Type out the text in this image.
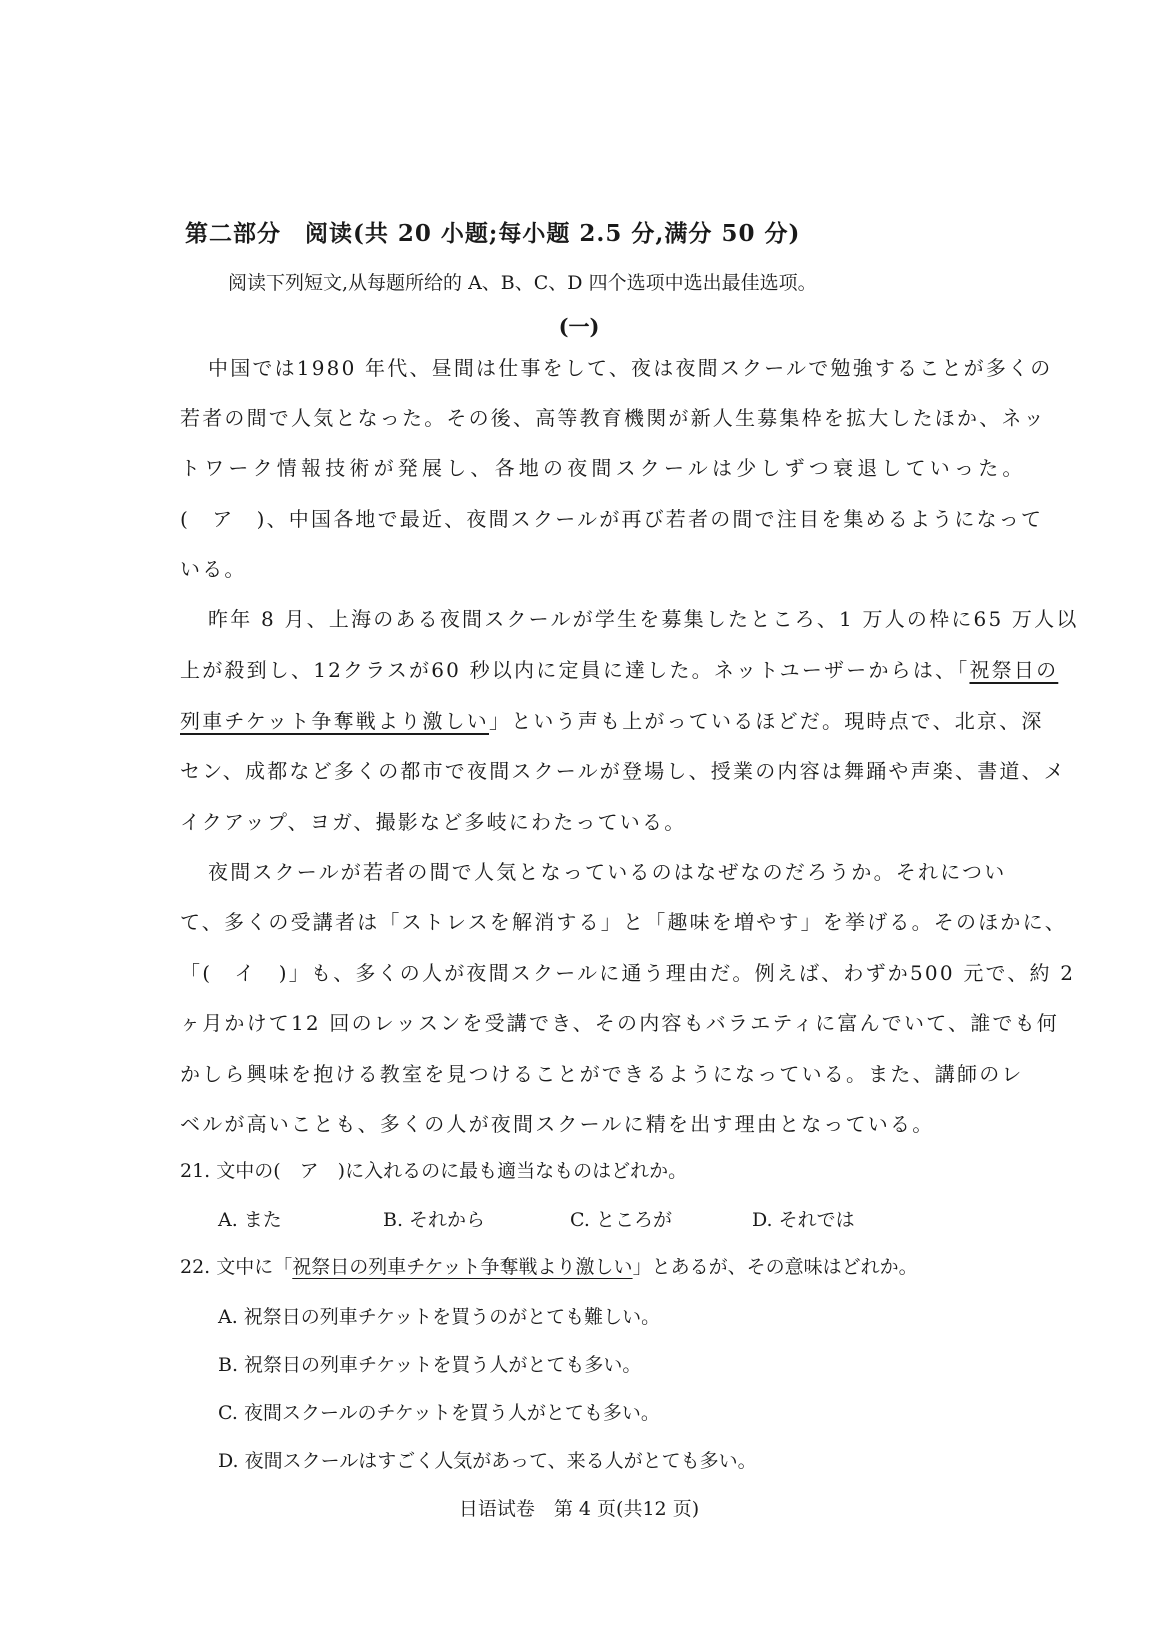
第二部分　阅读(共 20 小题;每小题 2.5 分,满分 50 分)
阅读下列短文,从每题所给的 A、B、C、D 四个选项中选出最佳选项。
(一)
中国では1980 年代、昼間は仕事をして、夜は夜間スクールで勉強することが多くの
若者の間で人気となった。その後、高等教育機関が新人生募集枠を拡大したほか、ネッ
トワーク情報技術が発展し、各地の夜間スクールは少しずつ衰退していった。
(　ア　)、中国各地で最近、夜間スクールが再び若者の間で注目を集めるようになって
いる。
昨年 8 月、上海のある夜間スクールが学生を募集したところ、1 万人の枠に65 万人以
上が殺到し、12クラスが60 秒以内に定員に達した。ネットユーザーからは、「祝祭日の
列車チケット争奪戦より激しい」という声も上がっているほどだ。現時点で、北京、深
セン、成都など多くの都市で夜間スクールが登場し、授業の内容は舞踊や声楽、書道、メ
イクアップ、ヨガ、撮影など多岐にわたっている。
夜間スクールが若者の間で人気となっているのはなぜなのだろうか。それについ
て、多くの受講者は「ストレスを解消する」と「趣味を増やす」を挙げる。そのほかに、
「(　イ　)」も、多くの人が夜間スクールに通う理由だ。例えば、わずか500 元で、約 2
ヶ月かけて12 回のレッスンを受講でき、その内容もバラエティに富んでいて、誰でも何
かしら興味を抱ける教室を見つけることができるようになっている。また、講師のレ
ベルが高いことも、多くの人が夜間スクールに精を出す理由となっている。
21. 文中の(　ア　)に入れるのに最も適当なものはどれか。
A. また	B. それから	C. ところが	D. それでは
22. 文中に「祝祭日の列車チケット争奪戦より激しい」とあるが、その意味はどれか。
A. 祝祭日の列車チケットを買うのがとても難しい。
B. 祝祭日の列車チケットを買う人がとても多い。
C. 夜間スクールのチケットを買う人がとても多い。
D. 夜間スクールはすごく人気があって、来る人がとても多い。
日语试卷　第 4 页(共12 页)
